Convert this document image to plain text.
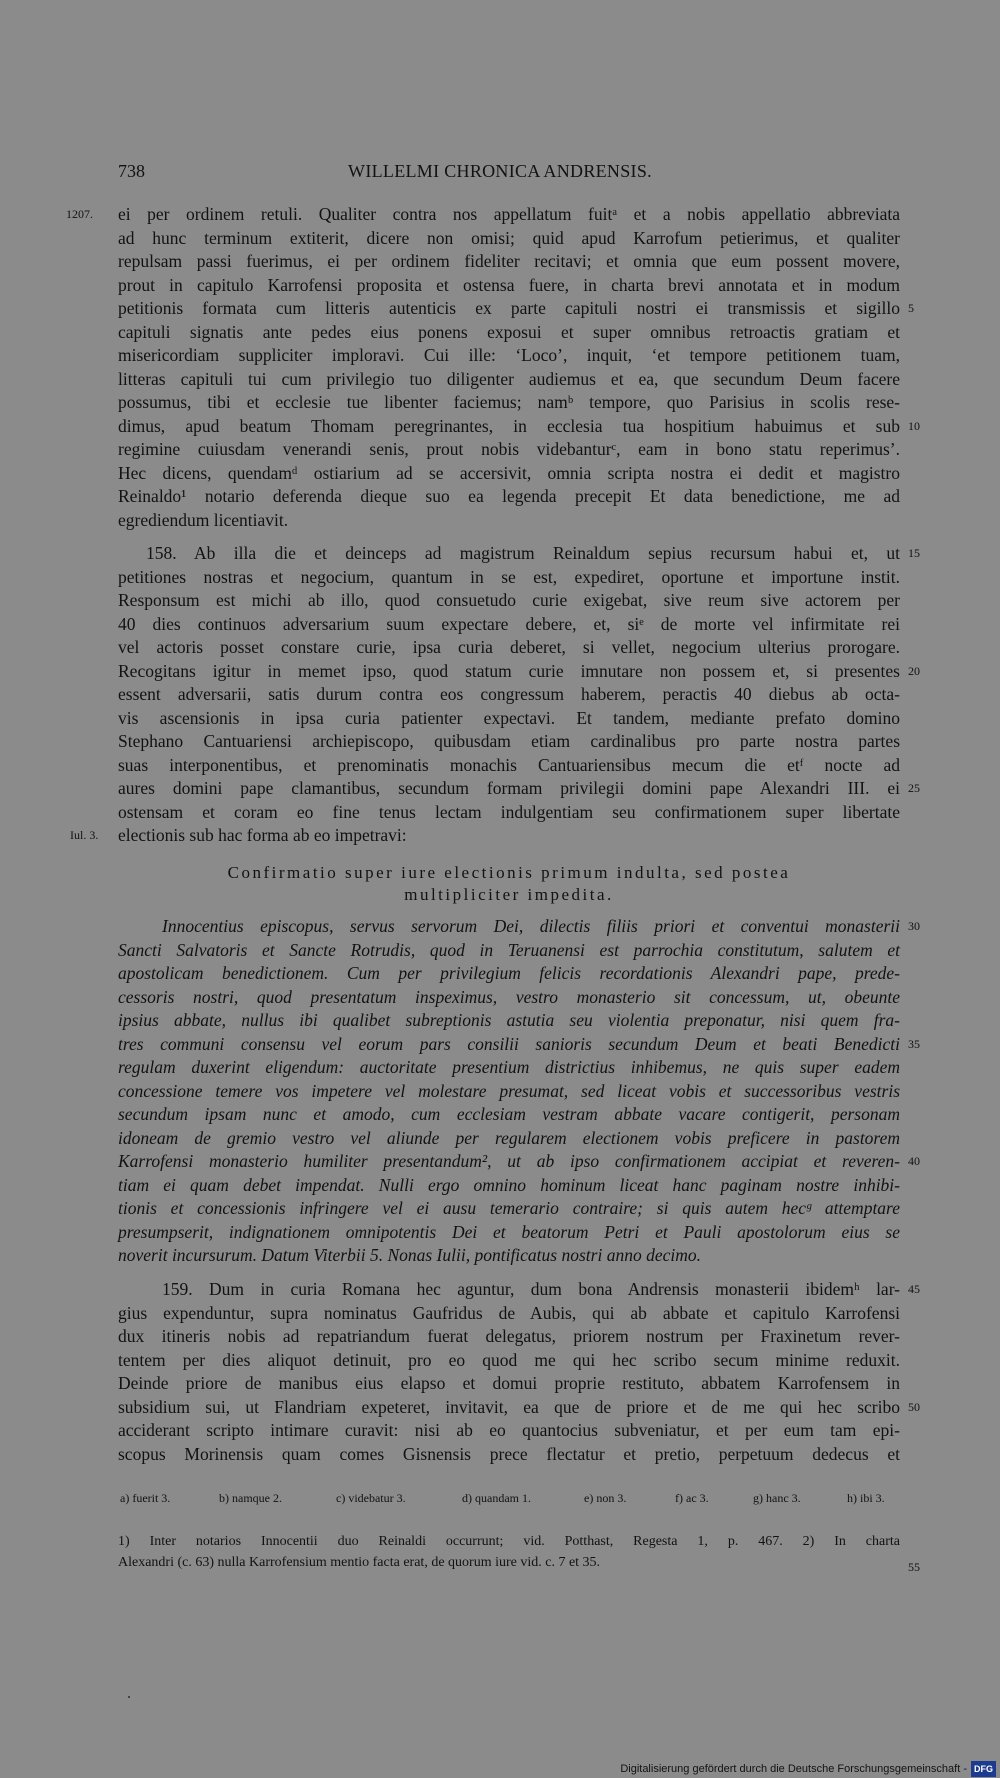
738	WILLELMI CHRONICA ANDRENSIS.
1207. ei per ordinem retuli. Qualiter contra nos appellatum fuitᵃ et a nobis appellatio abbreviata
ad hunc terminum extiterit, dicere non omisi; quid apud Karrofum petierimus, et qualiter
repulsam passi fuerimus, ei per ordinem fideliter recitavi; et omnia que eum possent movere,
prout in capitulo Karrofensi proposita et ostensa fuere, in charta brevi annotata et in modum
petitionis formata cum litteris autenticis ex parte capituli nostri ei transmissis et sigillo
capituli signatis ante pedes eius ponens exposui et super omnibus retroactis gratiam et
misericordiam suppliciter imploravi. Cui ille: ‘Loco’, inquit, ‘et tempore petitionem tuam,
litteras capituli tui cum privilegio tuo diligenter audiemus et ea, que secundum Deum facere
possumus, tibi et ecclesie tue libenter faciemus; namᵇ tempore, quo Parisius in scolis rese-
dimus, apud beatum Thomam peregrinantes, in ecclesia tua hospitium habuimus et sub
regimine cuiusdam venerandi senis, prout nobis videbanturᶜ, eam in bono statu reperimus’.
Hec dicens, quendamᵈ ostiarium ad se accersivit, omnia scripta nostra ei dedit et magistro
Reinaldo¹ notario deferenda dieque suo ea legenda precepit Et data benedictione, me ad
egrediendum licentiavit.
158. Ab illa die et deinceps ad magistrum Reinaldum sepius recursum habui et, ut
petitiones nostras et negocium, quantum in se est, expediret, oportune et importune instit.
Responsum est michi ab illo, quod consuetudo curie exigebat, sive reum sive actorem per
40 dies continuos adversarium suum expectare debere, et, siᵉ de morte vel infirmitate rei
vel actoris posset constare curie, ipsa curia deberet, si vellet, negocium ulterius prorogare.
Recogitans igitur in memet ipso, quod statum curie imnutare non possem et, si presentes
essent adversarii, satis durum contra eos congressum haberem, peractis 40 diebus ab octa-
vis ascensionis in ipsa curia patienter expectavi. Et tandem, mediante prefato domino
Stephano Cantuariensi archiepiscopo, quibusdam etiam cardinalibus pro parte nostra partes
suas interponentibus, et prenominatis monachis Cantuariensibus mecum die etᶠ nocte ad
aures domini pape clamantibus, secundum formam privilegii domini pape Alexandri III. ei
ostensam et coram eo fine tenus lectam indulgentiam seu confirmationem super libertate
electionis sub hac forma ab eo impetravi:
Iul. 3.
Confirmatio super iure electionis primum indulta, sed postea
multipliciter impedita.
Innocentius episcopus, servus servorum Dei, dilectis filiis priori et conventui monasterii
Sancti Salvatoris et Sancte Rotrudis, quod in Teruanensi est parrochia constitutum, salutem et
apostolicam benedictionem. Cum per privilegium felicis recordationis Alexandri pape, prede-
cessoris nostri, quod presentatum inspeximus, vestro monasterio sit concessum, ut, obeunte
ipsius abbate, nullus ibi qualibet subreptionis astutia seu violentia preponatur, nisi quem fra-
tres communi consensu vel eorum pars consilii sanioris secundum Deum et beati Benedicti
regulam duxerint eligendum: auctoritate presentium districtius inhibemus, ne quis super eadem
concessione temere vos impetere vel molestare presumat, sed liceat vobis et successoribus vestris
secundum ipsam nunc et amodo, cum ecclesiam vestram abbate vacare contigerit, personam
idoneam de gremio vestro vel aliunde per regularem electionem vobis preficere in pastorem
Karrofensi monasterio humiliter presentandum², ut ab ipso confirmationem accipiat et reveren-
tiam ei quam debet impendat. Nulli ergo omnino hominum liceat hanc paginam nostre inhibi-
tionis et concessionis infringere vel ei ausu temerario contraire; si quis autem hecᵍ attemptare
presumpserit, indignationem omnipotentis Dei et beatorum Petri et Pauli apostolorum eius se
noverit incursurum. Datum Viterbii 5. Nonas Iulii, pontificatus nostri anno decimo.
159. Dum in curia Romana hec aguntur, dum bona Andrensis monasterii ibidemʰ lar-
gius expenduntur, supra nominatus Gaufridus de Aubis, qui ab abbate et capitulo Karrofensi
dux itineris nobis ad repatriandum fuerat delegatus, priorem nostrum per Fraxinetum rever-
tentem per dies aliquot detinuit, pro eo quod me qui hec scribo secum minime reduxit.
Deinde priore de manibus eius elapso et domui proprie restituto, abbatem Karrofensem in
subsidium sui, ut Flandriam expeteret, invitavit, ea que de priore et de me qui hec scribo
acciderant scripto intimare curavit: nisi ab eo quantocius subveniatur, et per eum tam epi-
scopus Morinensis quam comes Gisnensis prece flectatur et pretio, perpetuum dedecus et
5
10
15
20
25
30
35
40
45
50
55
a) fuerit 3.	b) namque 2.	c) videbatur 3.	d) quandam 1.	e) non 3.	f) ac 3.	g) hanc 3.	h) ibi 3.
1) Inter notarios Innocentii duo Reinaldi occurrunt; vid. Potthast, Regesta 1, p. 467. 2) In charta
Alexandri (c. 63) nulla Karrofensium mentio facta erat, de quorum iure vid. c. 7 et 35.
Digitalisierung gefördert durch die Deutsche Forschungsgemeinschaft - DFG
